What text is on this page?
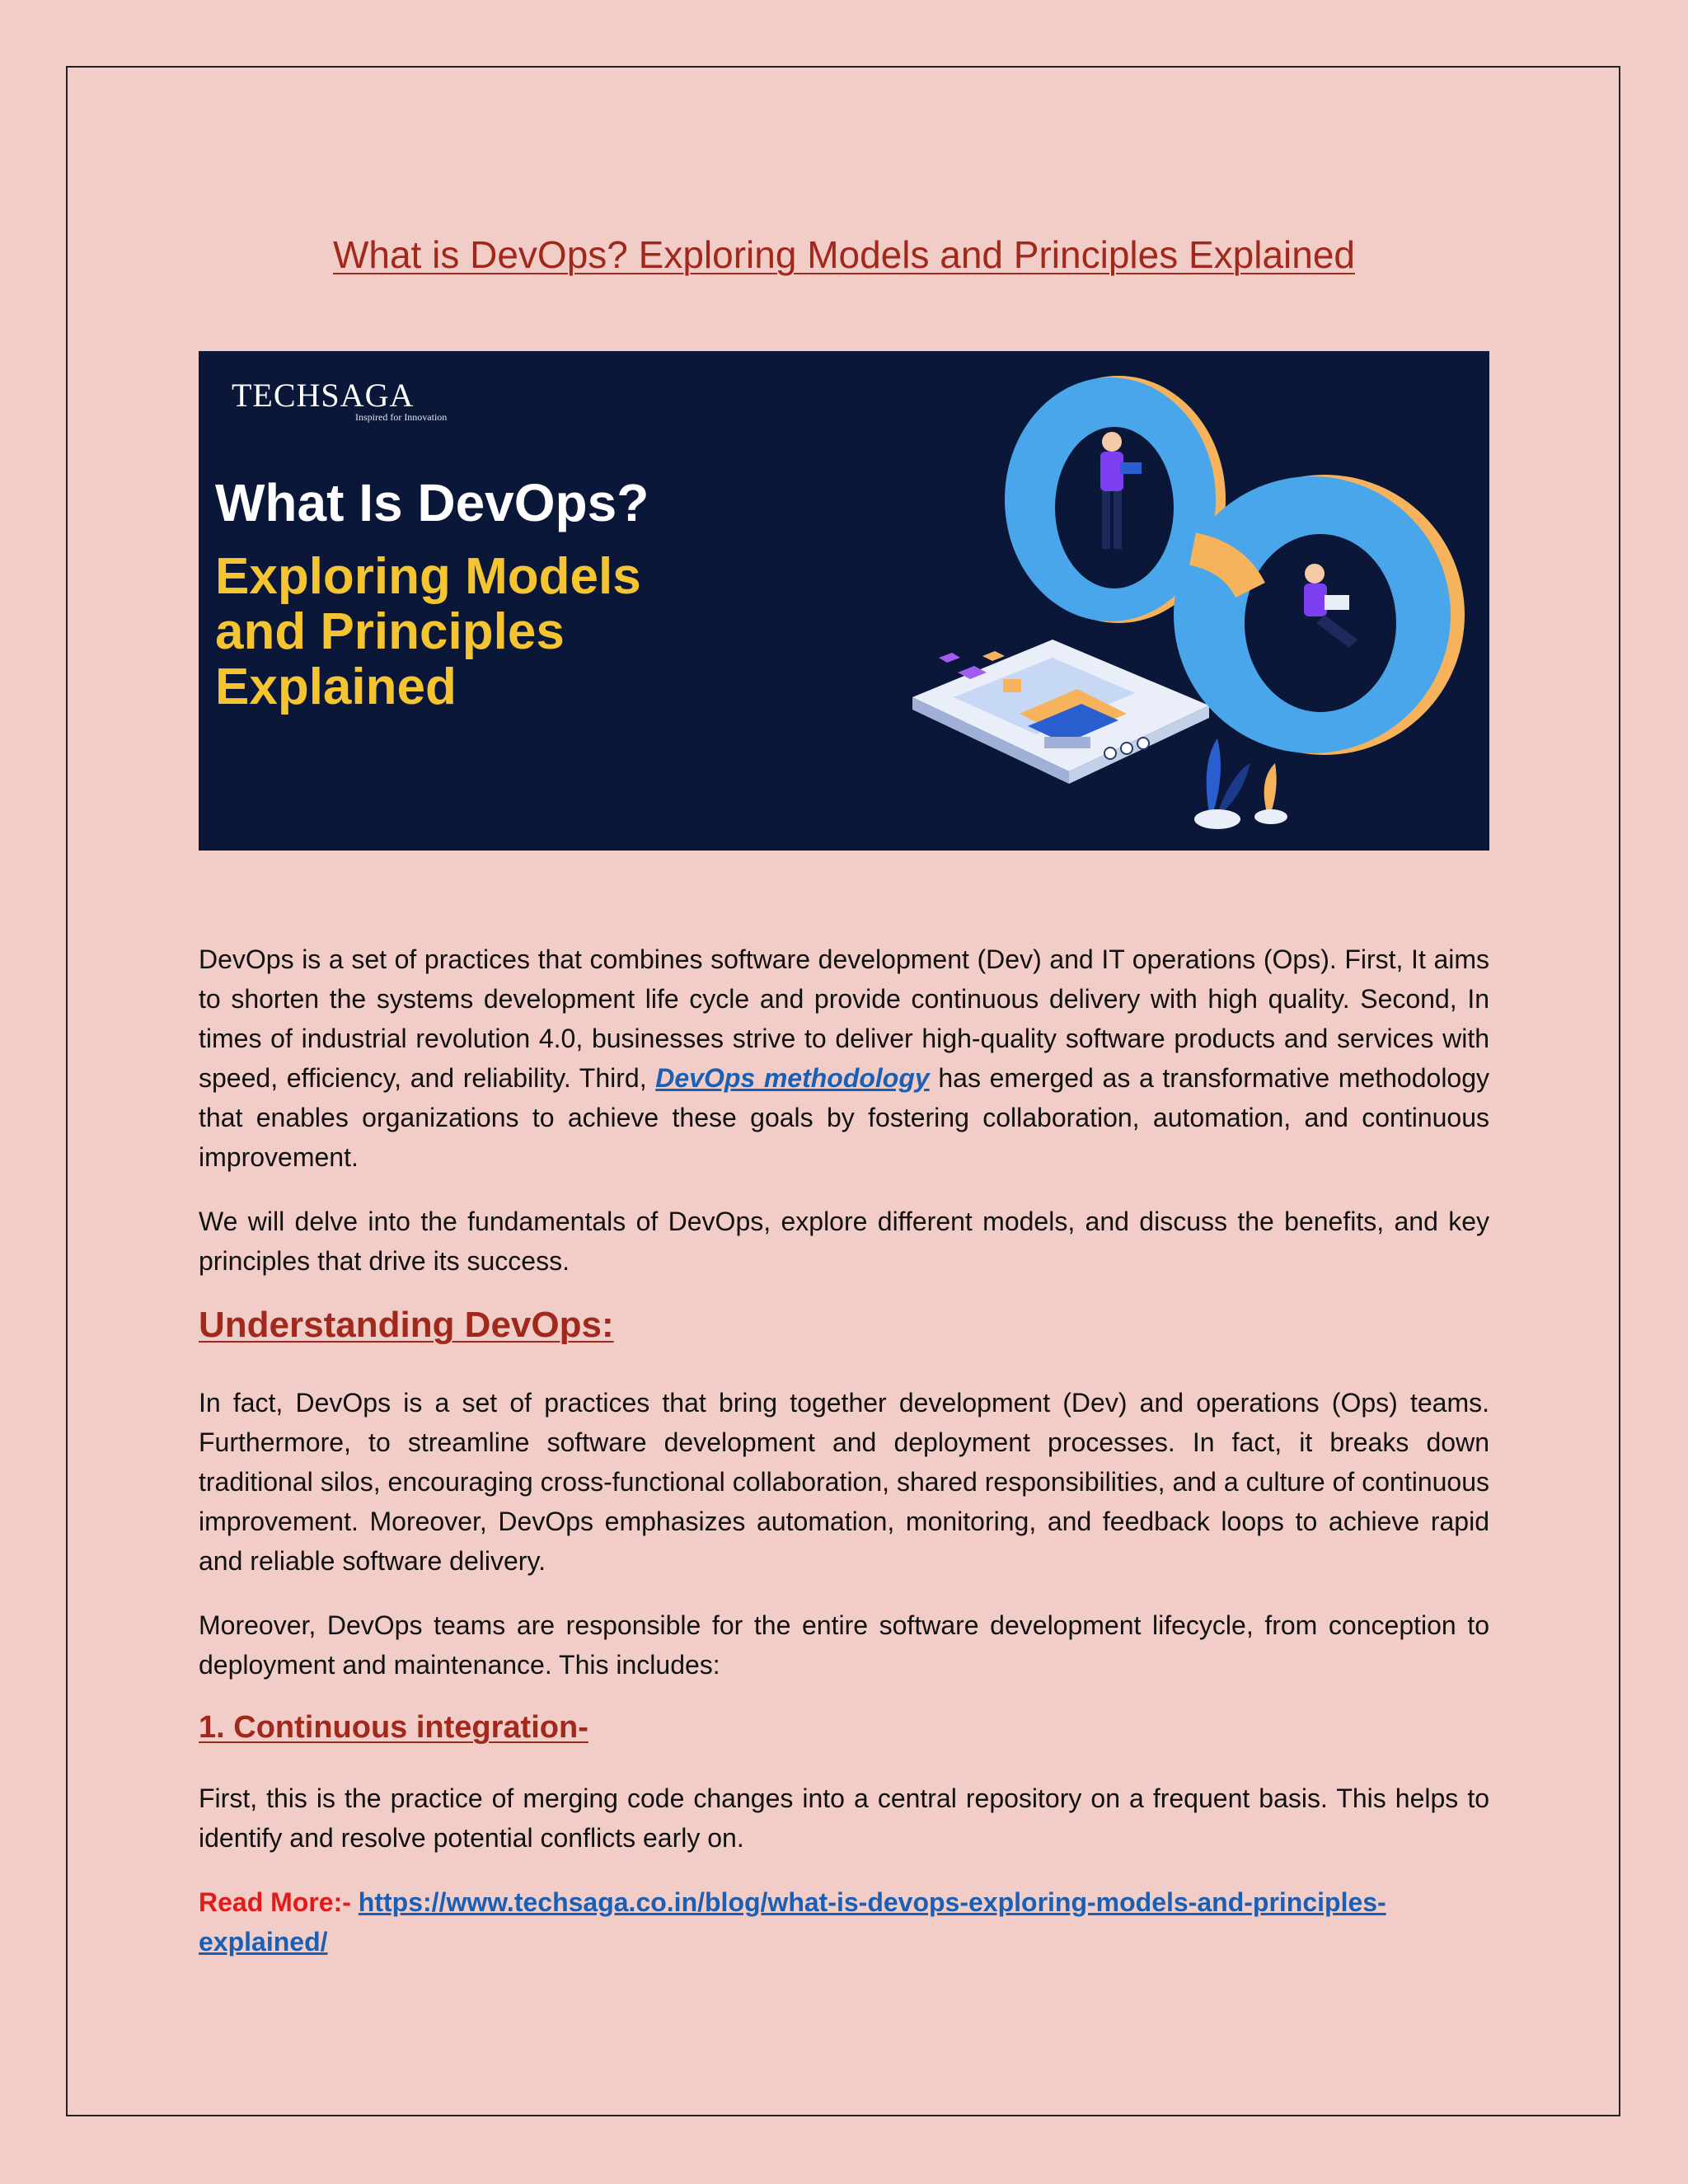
What is DevOps? Exploring Models and Principles Explained
TECHSAGA
Inspired for Innovation
What Is DevOps?
Exploring Models
and Principles
Explained

DevOps is a set of practices that combines software development (Dev) and IT operations (Ops). First, It aims to shorten the systems development life cycle and provide continuous delivery with high quality. Second, In times of industrial revolution 4.0, businesses strive to deliver high-quality software products and services with speed, efficiency, and reliability. Third, DevOps methodology has emerged as a transformative methodology that enables organizations to achieve these goals by fostering collaboration, automation, and continuous improvement.

We will delve into the fundamentals of DevOps, explore different models, and discuss the benefits, and key principles that drive its success.

Understanding DevOps:

In fact, DevOps is a set of practices that bring together development (Dev) and operations (Ops) teams. Furthermore, to streamline software development and deployment processes. In fact, it breaks down traditional silos, encouraging cross-functional collaboration, shared responsibilities, and a culture of continuous improvement. Moreover, DevOps emphasizes automation, monitoring, and feedback loops to achieve rapid and reliable software delivery.

Moreover, DevOps teams are responsible for the entire software development lifecycle, from conception to deployment and maintenance. This includes:

1. Continuous integration-

First, this is the practice of merging code changes into a central repository on a frequent basis. This helps to identify and resolve potential conflicts early on.

Read More:- https://www.techsaga.co.in/blog/what-is-devops-exploring-models-and-principles-explained/
